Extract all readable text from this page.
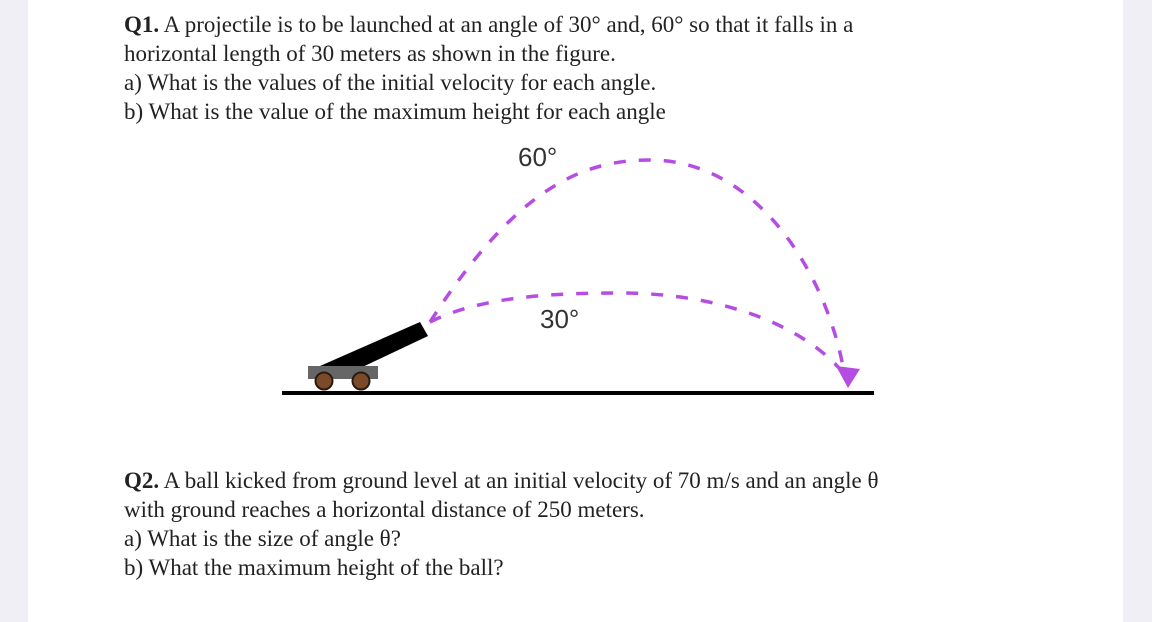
Q1. A projectile is to be launched at an angle of 30° and, 60° so that it falls in a
horizontal length of 30 meters as shown in the figure.
a) What is the values of the initial velocity for each angle.
b) What is the value of the maximum height for each angle
60°
30°
Q2. A ball kicked from ground level at an initial velocity of 70 m/s and an angle θ
with ground reaches a horizontal distance of 250 meters.
a) What is the size of angle θ?
b) What the maximum height of the ball?
